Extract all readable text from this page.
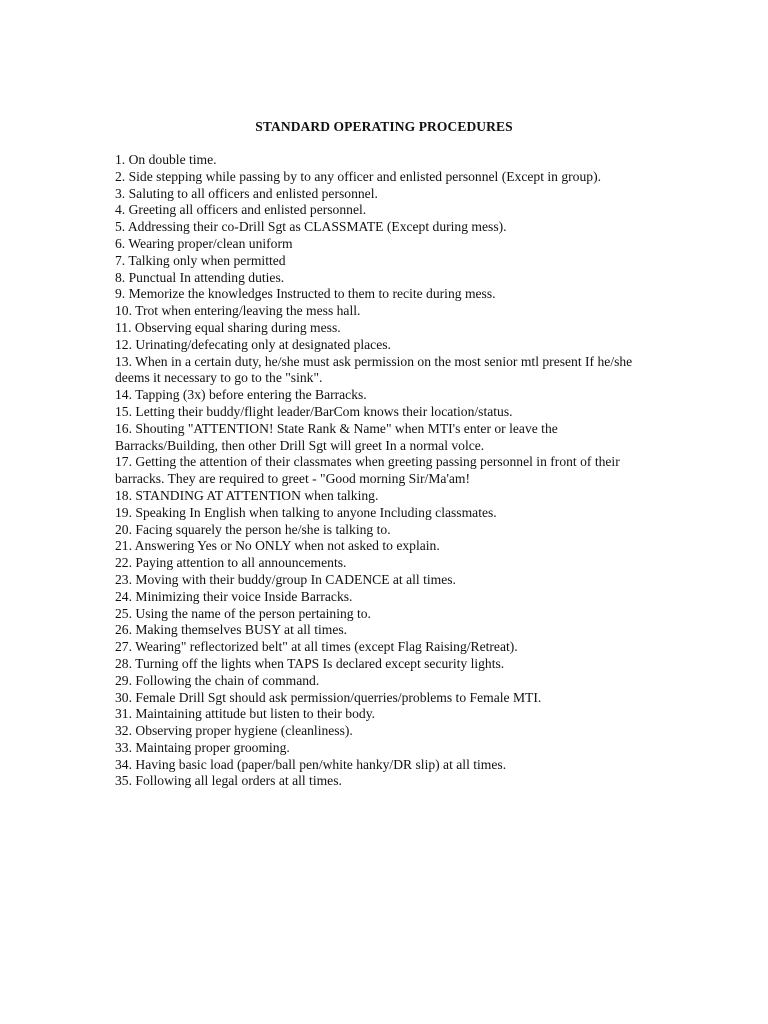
STANDARD OPERATING PROCEDURES
1. On double time.
2. Side stepping while passing by to any officer and enlisted personnel (Except in group).
3. Saluting to all officers and enlisted personnel.
4. Greeting all officers and enlisted personnel.
5. Addressing their co-Drill Sgt as CLASSMATE (Except during mess).
6. Wearing proper/clean uniform
7. Talking only when permitted
8. Punctual In attending duties.
9. Memorize the knowledges Instructed to them to recite during mess.
10. Trot when entering/leaving the mess hall.
11. Observing equal sharing during mess.
12. Urinating/defecating only at designated places.
13. When in a certain duty, he/she must ask permission on the most senior mtl present If he/she deems it necessary to go to the "sink".
14. Tapping (3x) before entering the Barracks.
15. Letting their buddy/flight leader/BarCom knows their location/status.
16. Shouting "ATTENTION! State Rank & Name" when MTI's enter or leave the Barracks/Building, then other Drill Sgt will greet In a normal volce.
17. Getting the attention of their classmates when greeting passing personnel in front of their barracks. They are required to greet - "Good morning Sir/Ma'am!
18. STANDING AT ATTENTION when talking.
19. Speaking In English when talking to anyone Including classmates.
20. Facing squarely the person he/she is talking to.
21. Answering Yes or No ONLY when not asked to explain.
22. Paying attention to all announcements.
23. Moving with their buddy/group In CADENCE at all times.
24. Minimizing their voice Inside Barracks.
25. Using the name of the person pertaining to.
26. Making themselves BUSY at all times.
27. Wearing" reflectorized belt" at all times (except Flag Raising/Retreat).
28. Turning off the lights when TAPS Is declared except security lights.
29. Following the chain of command.
30. Female Drill Sgt should ask permission/querries/problems to Female MTI.
31. Maintaining attitude but listen to their body.
32. Observing proper hygiene (cleanliness).
33. Maintaing proper grooming.
34. Having basic load (paper/ball pen/white hanky/DR slip) at all times.
35. Following all legal orders at all times.
